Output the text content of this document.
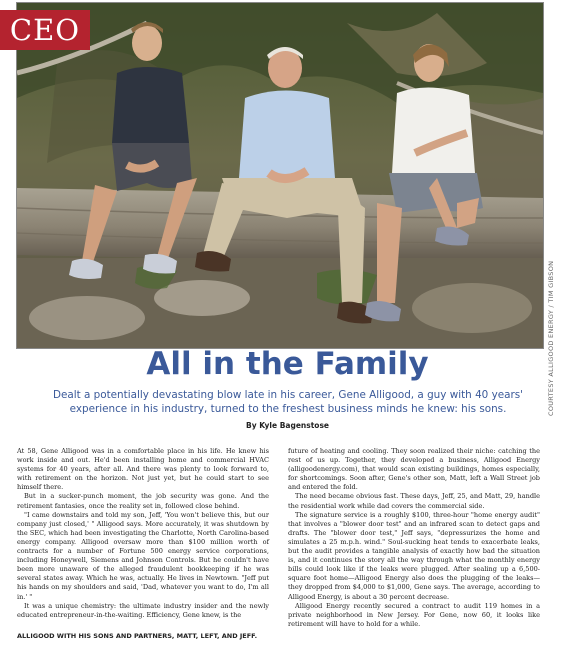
CEO
COURTESY ALLIGOOD ENERGY / TIM GIBSON
All in the Family

Dealt a potentially devastating blow late in his career, Gene Alligood, a guy with 40 years' experience in his industry, turned to the freshest business minds he knew: his sons.

By Kyle Bagenstose

At 58, Gene Alligood was in a comfortable place in his life. He knew his work inside and out. He'd been installing home and commercial HVAC systems for 40 years, after all. And there was plenty to look forward to, with retirement on the horizon. Not just yet, but he could start to see himself there.

But in a sucker-punch moment, the job security was gone. And the retirement fantasies, once the reality set in, followed close behind.

"I came downstairs and told my son, Jeff, 'You won't believe this, but our company just closed,' " Alligood says. More accurately, it was shutdown by the SEC, which had been investigating the Charlotte, North Carolina-based energy company. Alligood oversaw more than $100 million worth of contracts for a number of Fortune 500 energy service corporations, including Honeywell, Siemens and Johnson Controls. But he couldn't have been more unaware of the alleged fraudulent bookkeeping if he was several states away. Which he was, actually. He lives in Newtown. "Jeff put his hands on my shoulders and said, 'Dad, whatever you want to do, I'm all in.' "

It was a unique chemistry: the ultimate industry insider and the newly educated entrepreneur-in-the-waiting. Efficiency, Gene knew, is the

future of heating and cooling. They soon realized their niche: catching the rest of us up. Together, they developed a business, Alligood Energy (alligoodenergy.com), that would scan existing buildings, homes especially, for shortcomings. Soon after, Gene's other son, Matt, left a Wall Street job and entered the fold.

The need became obvious fast. These days, Jeff, 25, and Matt, 29, handle the residential work while dad covers the commercial side.

The signature service is a roughly $100, three-hour "home energy audit" that involves a "blower door test" and an infrared scan to detect gaps and drafts. The "blower door test," Jeff says, "depressurizes the home and simulates a 25 m.p.h. wind." Soul-sucking heat tends to exacerbate leaks, but the audit provides a tangible analysis of exactly how bad the situation is, and it continues the story all the way through what the monthly energy bills could look like if the leaks were plugged. After sealing up a 6,500-square foot home—Alligood Energy also does the plugging of the leaks—they dropped from $4,000 to $1,000, Gene says. The average, according to Alligood Energy, is about a 30 percent decrease.

Alligood Energy recently secured a contract to audit 119 homes in a private neighborhood in New Jersey. For Gene, now 60, it looks like retirement will have to hold for a while.

ALLIGOOD WITH HIS SONS AND PARTNERS, MATT, LEFT, AND JEFF.
